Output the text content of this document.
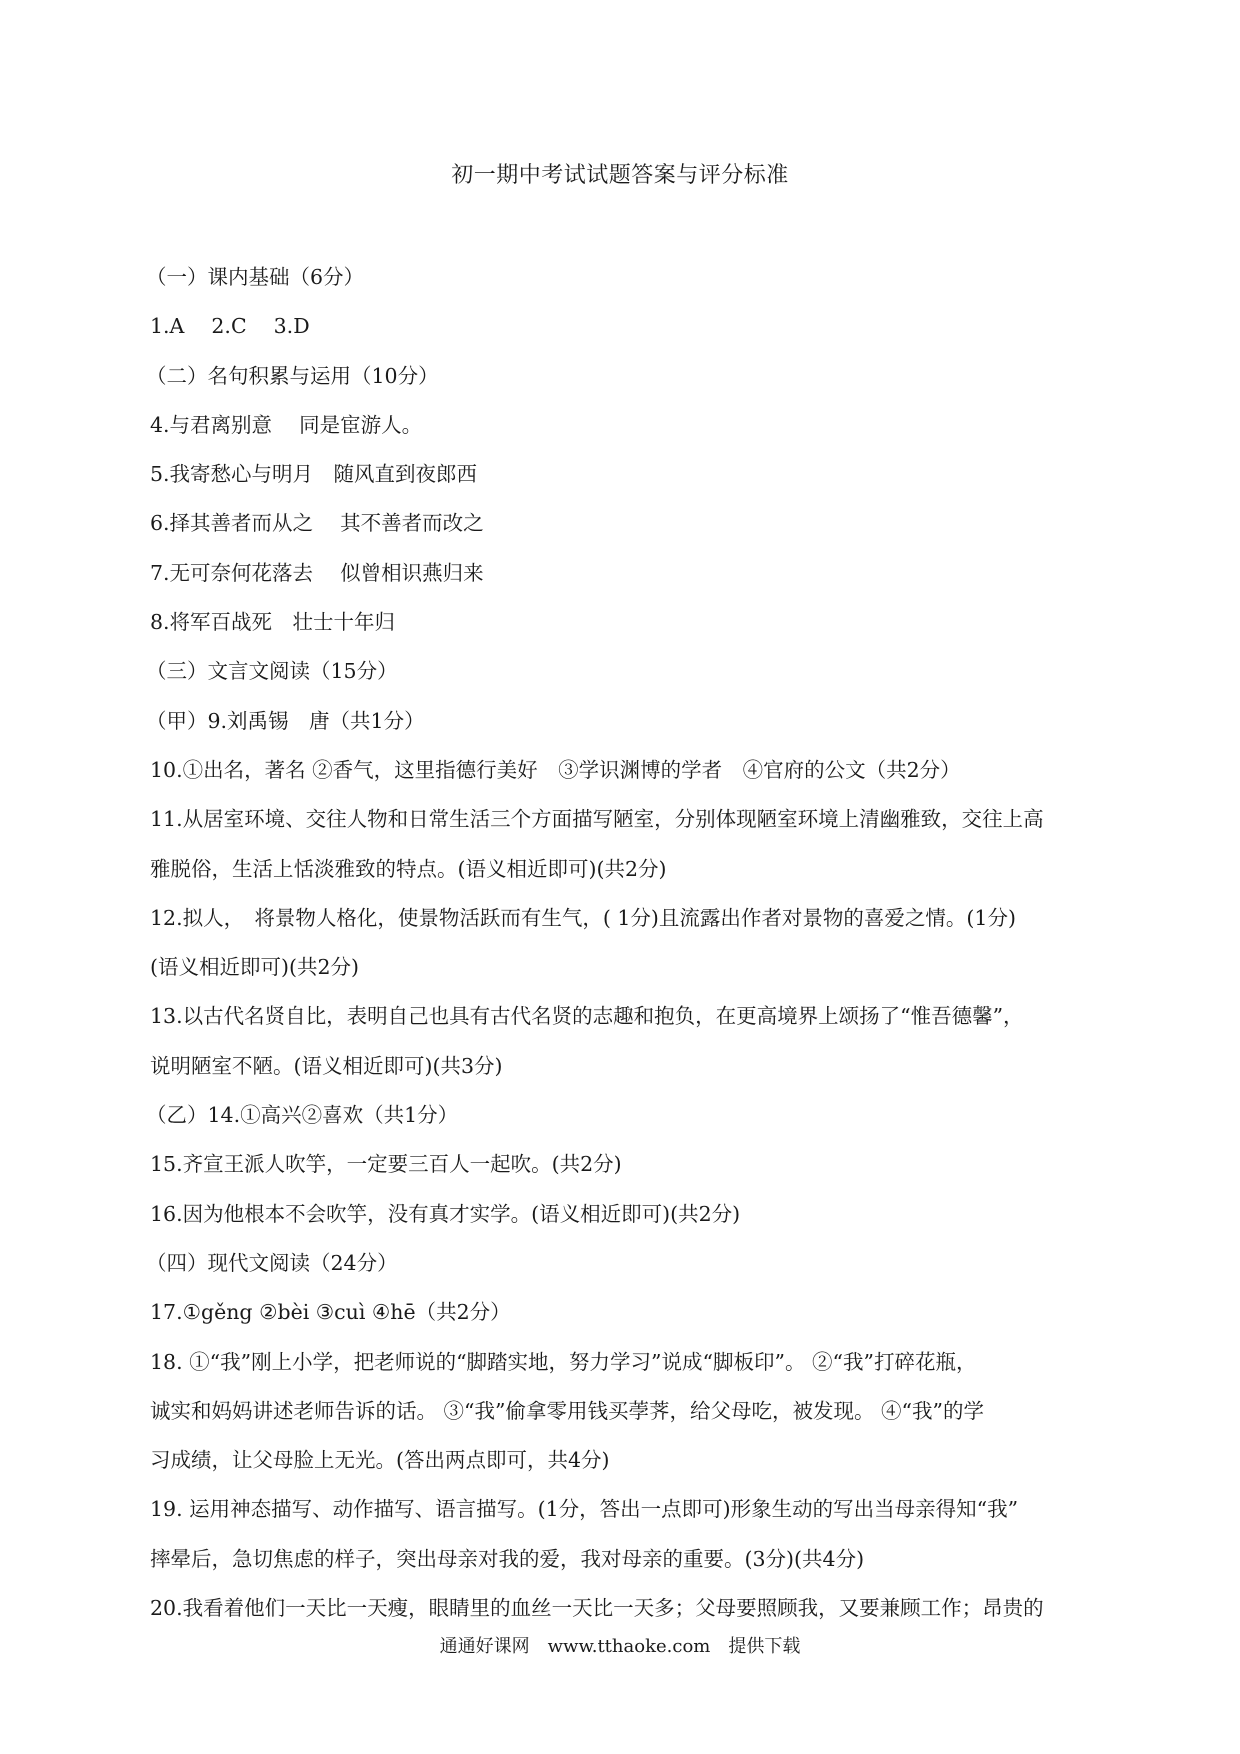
初一期中考试试题答案与评分标准
（一）课内基础（6分）
1.A　 2.C　 3.D
（二）名句积累与运用（10分）
4.与君离别意　 同是宦游人。
5.我寄愁心与明月　随风直到夜郎西
6.择其善者而从之　 其不善者而改之
7.无可奈何花落去　 似曾相识燕归来
8.将军百战死　壮士十年归
（三）文言文阅读（15分）
（甲）9.刘禹锡　唐（共1分）
10.①出名，著名 ②香气，这里指德行美好　③学识渊博的学者　④官府的公文（共2分）
11.从居室环境、交往人物和日常生活三个方面描写陋室，分别体现陋室环境上清幽雅致，交往上高
雅脱俗，生活上恬淡雅致的特点。(语义相近即可)(共2分)
12.拟人，　将景物人格化，使景物活跃而有生气，( 1分)且流露出作者对景物的喜爱之情。(1分)
(语义相近即可)(共2分)
13.以古代名贤自比，表明自己也具有古代名贤的志趣和抱负，在更高境界上颂扬了“惟吾德馨”，
说明陋室不陋。(语义相近即可)(共3分)
（乙）14.①高兴②喜欢（共1分）
15.齐宣王派人吹竽，一定要三百人一起吹。(共2分)
16.因为他根本不会吹竽，没有真才实学。(语义相近即可)(共2分)
（四）现代文阅读（24分）
17.①gěng ②bèi ③cuì ④hē（共2分）
18. ①“我”刚上小学，把老师说的“脚踏实地，努力学习”说成“脚板印”。 ②“我”打碎花瓶，
诚实和妈妈讲述老师告诉的话。 ③“我”偷拿零用钱买荸荠，给父母吃，被发现。 ④“我”的学
习成绩，让父母脸上无光。(答出两点即可，共4分)
19. 运用神态描写、动作描写、语言描写。(1分，答出一点即可)形象生动的写出当母亲得知“我”
摔晕后，急切焦虑的样子，突出母亲对我的爱，我对母亲的重要。(3分)(共4分)
20.我看着他们一天比一天瘦，眼睛里的血丝一天比一天多；父母要照顾我，又要兼顾工作；昂贵的
通通好课网　www.tthaoke.com　提供下载
